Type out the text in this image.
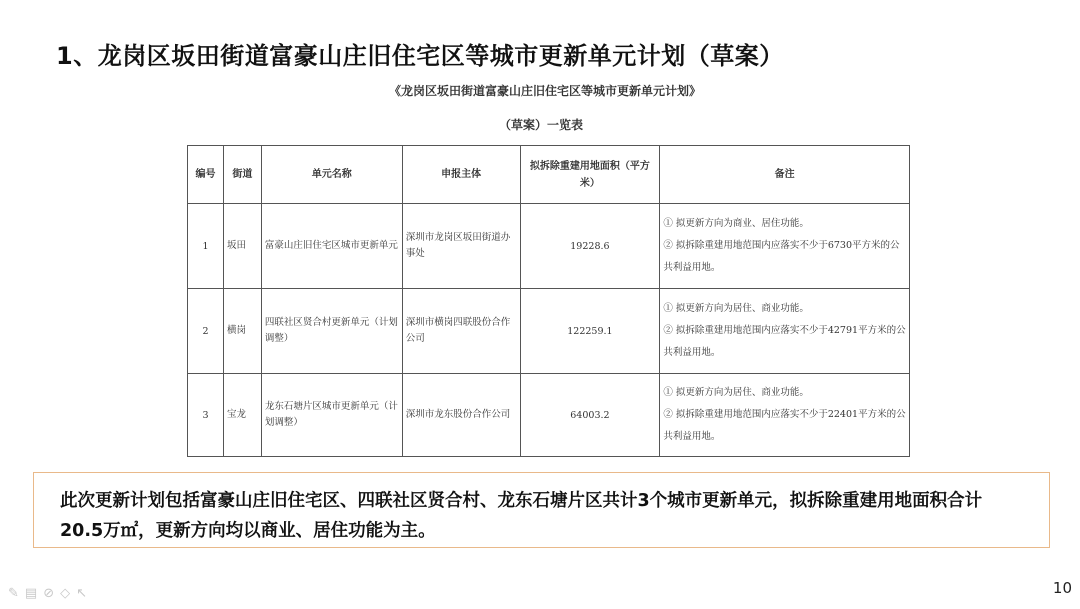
1、龙岗区坂田街道富豪山庄旧住宅区等城市更新单元计划（草案）
《龙岗区坂田街道富豪山庄旧住宅区等城市更新单元计划》
（草案）一览表
编号	街道	单元名称	申报主体	拟拆除重建用地面积（平方米）	备注
1	坂田	富豪山庄旧住宅区城市更新单元	深圳市龙岗区坂田街道办事处	19228.6	① 拟更新方向为商业、居住功能。
② 拟拆除重建用地范围内应落实不少于6730平方米的公共利益用地。

2	横岗	四联社区贤合村更新单元（计划调整）	深圳市横岗四联股份合作公司	122259.1	① 拟更新方向为居住、商业功能。
② 拟拆除重建用地范围内应落实不少于42791平方米的公共利益用地。

3	宝龙	龙东石塘片区城市更新单元（计划调整）	深圳市龙东股份合作公司	64003.2	① 拟更新方向为居住、商业功能。
② 拟拆除重建用地范围内应落实不少于22401平方米的公共利益用地。
此次更新计划包括富豪山庄旧住宅区、四联社区贤合村、龙东石塘片区共计3个城市更新单元，拟拆除重建用地面积合计20.5万㎡，更新方向均以商业、居住功能为主。
✎ ▤ ⊘ ◇ ↖	10
